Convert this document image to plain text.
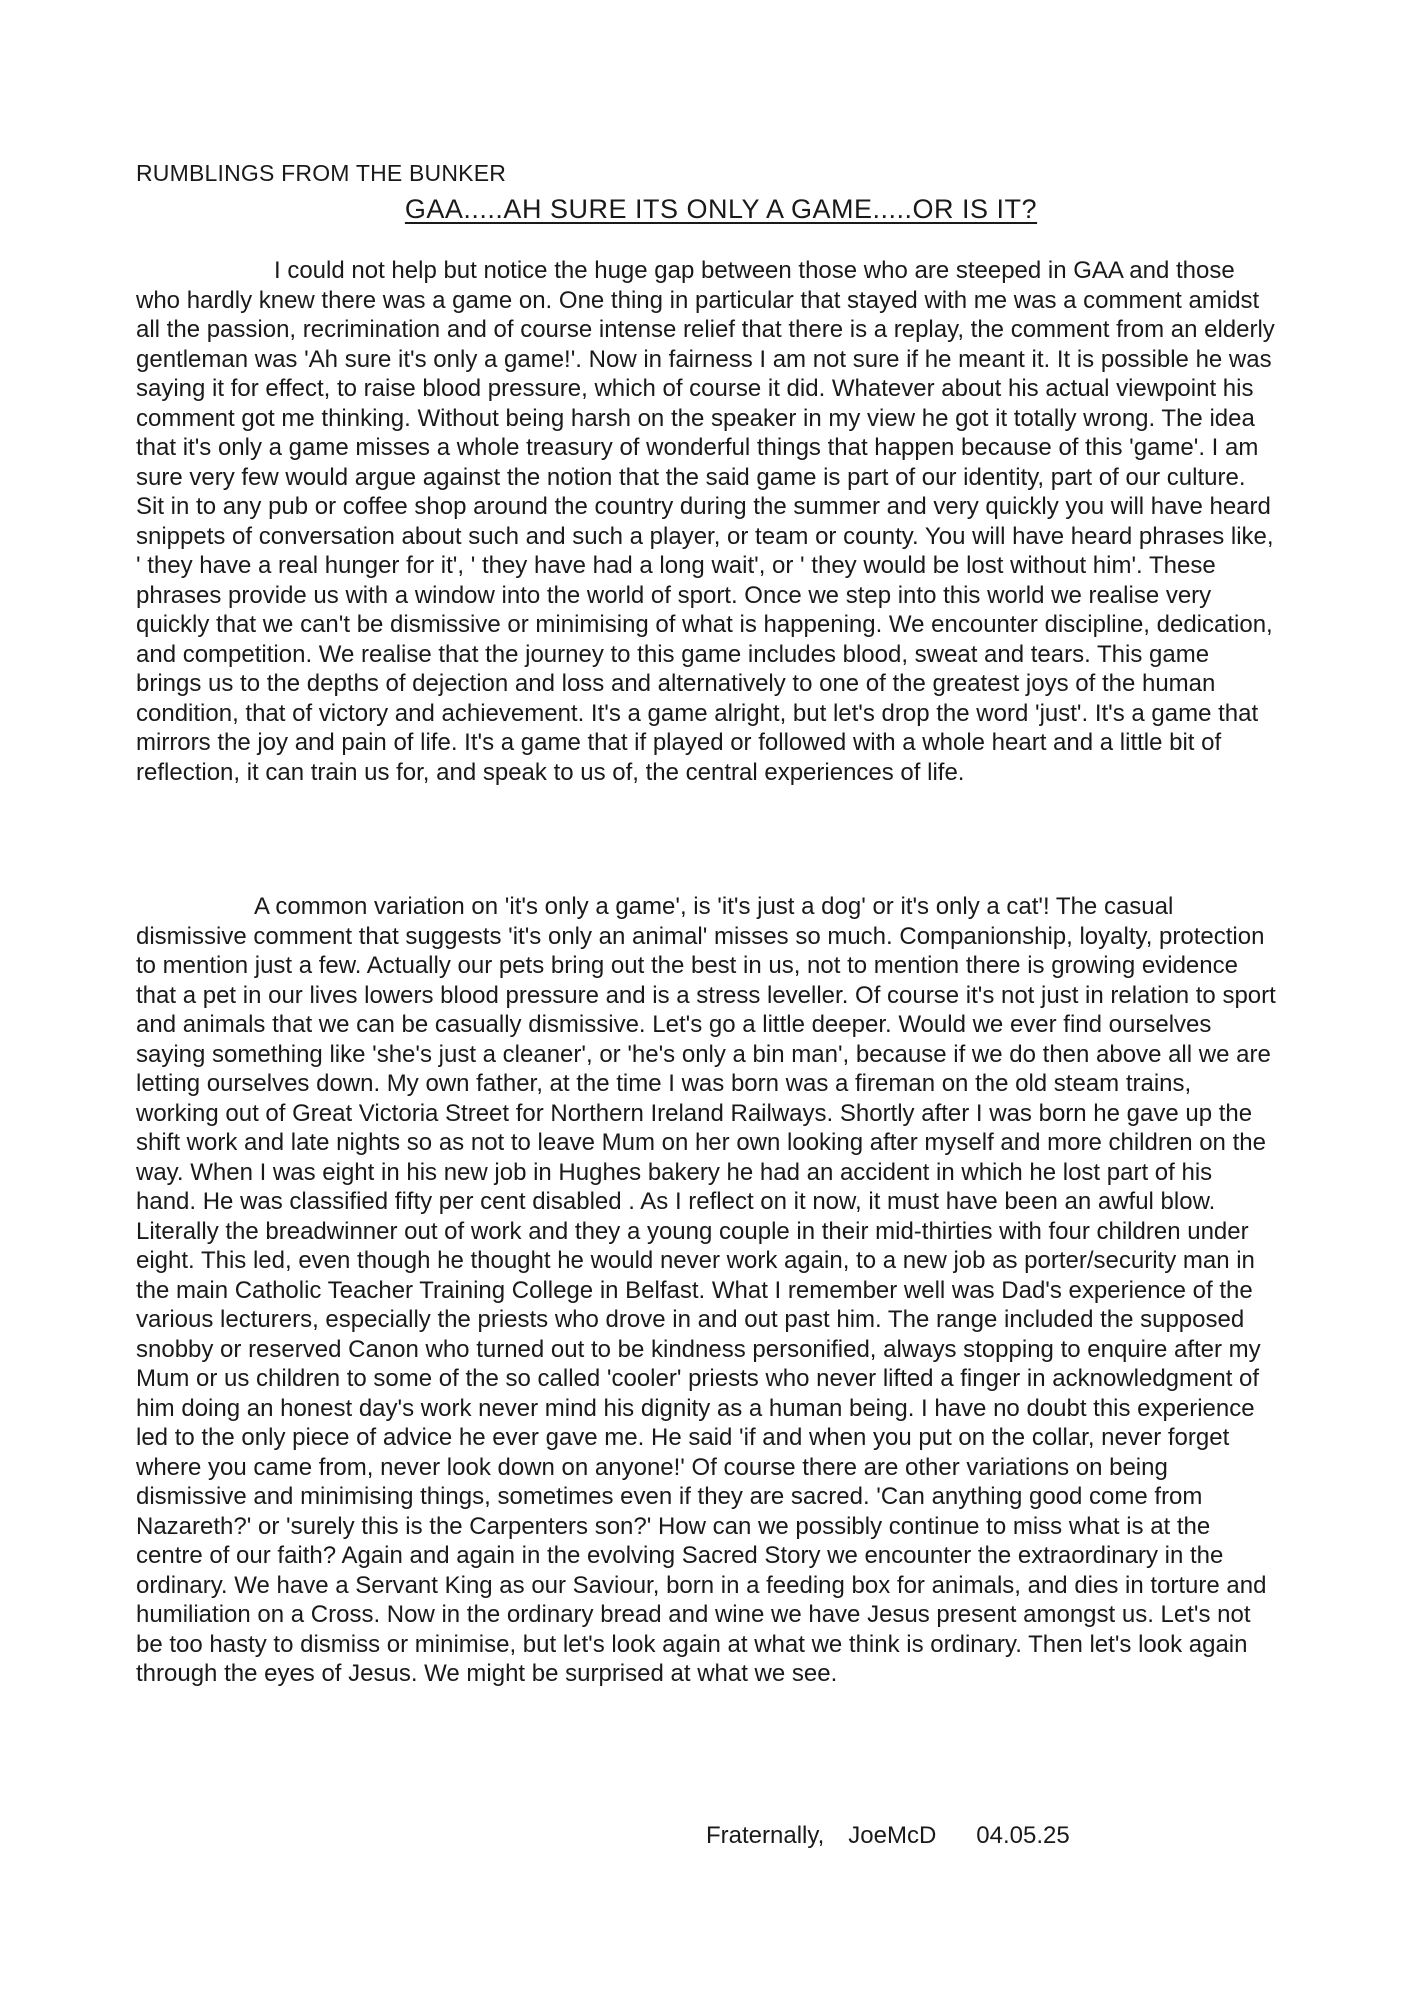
RUMBLINGS FROM THE BUNKER
GAA.....AH SURE ITS ONLY A GAME.....OR IS IT?

I could not help but notice the huge gap between those who are steeped in GAA and those who hardly knew there was a game on. One thing in particular that stayed with me was a comment amidst all the passion, recrimination and of course intense relief that there is a replay, the comment from an elderly gentleman was 'Ah sure it's only a game!'. Now in fairness I am not sure if he meant it. It is possible he was saying it for effect, to raise blood pressure, which of course it did. Whatever about his actual viewpoint his comment got me thinking. Without being harsh on the speaker in my view he got it totally wrong. The idea that it's only a game misses a whole treasury of wonderful things that happen because of this 'game'. I am sure very few would argue against the notion that the said game is part of our identity, part of our culture. Sit in to any pub or coffee shop around the country during the summer and very quickly you will have heard snippets of conversation about such and such a player, or team or county. You will have heard phrases like, ' they have a real hunger for it', ' they have had a long wait', or ' they would be lost without him'. These phrases provide us with a window into the world of sport. Once we step into this world we realise very quickly that we can't be dismissive or minimising of what is happening. We encounter discipline, dedication, and competition. We realise that the journey to this game includes blood, sweat and tears. This game brings us to the depths of dejection and loss and alternatively to one of the greatest joys of the human condition, that of victory and achievement. It's a game alright, but let's drop the word 'just'. It's a game that mirrors the joy and pain of life. It's a game that if played or followed with a whole heart and a little bit of reflection, it can train us for, and speak to us of, the central experiences of life.

A common variation on 'it's only a game', is 'it's just a dog' or it's only a cat'! The casual dismissive comment that suggests 'it's only an animal' misses so much. Companionship, loyalty, protection to mention just a few. Actually our pets bring out the best in us, not to mention there is growing evidence that a pet in our lives lowers blood pressure and is a stress leveller. Of course it's not just in relation to sport and animals that we can be casually dismissive. Let's go a little deeper. Would we ever find ourselves saying something like 'she's just a cleaner', or 'he's only a bin man', because if we do then above all we are letting ourselves down. My own father, at the time I was born was a fireman on the old steam trains, working out of Great Victoria Street for Northern Ireland Railways. Shortly after I was born he gave up the shift work and late nights so as not to leave Mum on her own looking after myself and more children on the way. When I was eight in his new job in Hughes bakery he had an accident in which he lost part of his hand. He was classified fifty per cent disabled . As I reflect on it now, it must have been an awful blow. Literally the breadwinner out of work and they a young couple in their mid-thirties with four children under eight. This led, even though he thought he would never work again, to a new job as porter/security man in the main Catholic Teacher Training College in Belfast. What I remember well was Dad's experience of the various lecturers, especially the priests who drove in and out past him. The range included the supposed snobby or reserved Canon who turned out to be kindness personified, always stopping to enquire after my Mum or us children to some of the so called 'cooler' priests who never lifted a finger in acknowledgment of him doing an honest day's work never mind his dignity as a human being. I have no doubt this experience led to the only piece of advice he ever gave me. He said 'if and when you put on the collar, never forget where you came from, never look down on anyone!' Of course there are other variations on being dismissive and minimising things, sometimes even if they are sacred. 'Can anything good come from Nazareth?' or 'surely this is the Carpenters son?' How can we possibly continue to miss what is at the centre of our faith? Again and again in the evolving Sacred Story we encounter the extraordinary in the ordinary. We have a Servant King as our Saviour, born in a feeding box for animals, and dies in torture and humiliation on a Cross. Now in the ordinary bread and wine we have Jesus present amongst us. Let's not be too hasty to dismiss or minimise, but let's look again at what we think is ordinary. Then let's look again through the eyes of Jesus. We might be surprised at what we see.

Fraternally, JoeMcD 04.05.25
